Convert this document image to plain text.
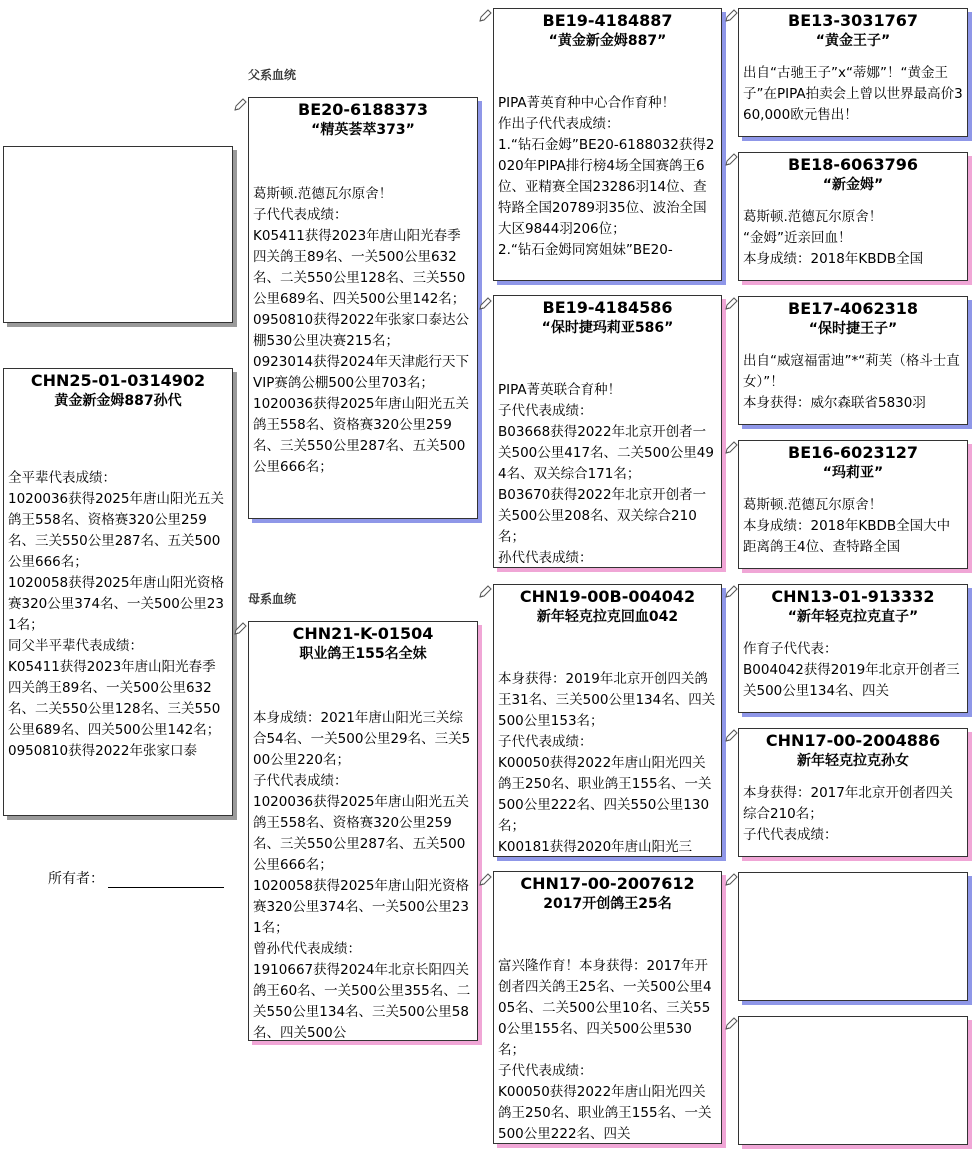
CHN25-01-0314902
黄金新金姆887孙代
全平辈代表成绩：
1020036获得2025年唐山阳光五关鸽王558名、资格赛320公里259名、三关550公里287名、五关500公里666名；
1020058获得2025年唐山阳光资格赛320公里374名、一关500公里231名；
同父半平辈代表成绩：
K05411获得2023年唐山阳光春季四关鸽王89名、一关500公里632名、二关550公里128名、三关550公里689名、四关500公里142名；
0950810获得2022年张家口泰
所有者：
父系血统
母系血统
BE20-6188373
“精英荟萃373”
葛斯顿.范德瓦尔原舍！
子代代表成绩：
K05411获得2023年唐山阳光春季四关鸽王89名、一关500公里632名、二关550公里128名、三关550公里689名、四关500公里142名；
0950810获得2022年张家口泰达公棚530公里决赛215名；
0923014获得2024年天津彪行天下VIP赛鸽公棚500公里703名；
1020036获得2025年唐山阳光五关鸽王558名、资格赛320公里259名、三关550公里287名、五关500公里666名；
CHN21-K-01504
职业鸽王155名全妹
本身成绩：2021年唐山阳光三关综合54名、一关500公里29名、三关500公里220名；
子代代表成绩：
1020036获得2025年唐山阳光五关鸽王558名、资格赛320公里259名、三关550公里287名、五关500公里666名；
1020058获得2025年唐山阳光资格赛320公里374名、一关500公里231名；
曾孙代代表成绩：
1910667获得2024年北京长阳四关鸽王60名、一关500公里355名、二关550公里134名、三关500公里58名、四关500公
BE19-4184887
“黄金新金姆887”
PIPA菁英育种中心合作育种！
作出子代代表成绩：
1.“钻石金姆”BE20-6188032获得2020年PIPA排行榜4场全国赛鸽王6位、亚精赛全国23286羽14位、查特路全国20789羽35位、波治全国大区9844羽206位；
2.“钻石金姆同窝姐妹”BE20-
BE19-4184586
“保时捷玛莉亚586”
PIPA菁英联合育种！
子代代表成绩：
B03668获得2022年北京开创者一关500公里417名、二关500公里494名、双关综合171名；
B03670获得2022年北京开创者一关500公里208名、双关综合210名；
孙代代表成绩：
CHN19-00B-004042
新年轻克拉克回血042
本身获得：2019年北京开创四关鸽王31名、三关500公里134名、四关500公里153名；
子代代表成绩：
K00050获得2022年唐山阳光四关鸽王250名、职业鸽王155名、一关500公里222名、四关550公里130名；
K00181获得2020年唐山阳光三
CHN17-00-2007612
2017开创鸽王25名
富兴隆作育！本身获得：2017年开创者四关鸽王25名、一关500公里405名、二关500公里10名、三关550公里155名、四关500公里530名；
子代代表成绩：
K00050获得2022年唐山阳光四关鸽王250名、职业鸽王155名、一关500公里222名、四关
BE13-3031767
“黄金王子”
出自“古驰王子”x“蒂娜”！“黄金王子”在PIPA拍卖会上曾以世界最高价360,000欧元售出！
BE18-6063796
“新金姆”
葛斯顿.范德瓦尔原舍！
“金姆”近亲回血！
本身成绩：2018年KBDB全国
BE17-4062318
“保时捷王子”
出自“威寇福雷迪”*“莉芙（格斗士直女）”！
本身获得：威尔森联省5830羽
BE16-6023127
“玛莉亚”
葛斯顿.范德瓦尔原舍！
本身成绩：2018年KBDB全国大中距离鸽王4位、查特路全国
CHN13-01-913332
“新年轻克拉克直子”
作育子代代表：
B004042获得2019年北京开创者三关500公里134名、四关
CHN17-00-2004886
新年轻克拉克孙女
本身获得：2017年北京开创者四关综合210名；
子代代表成绩：
